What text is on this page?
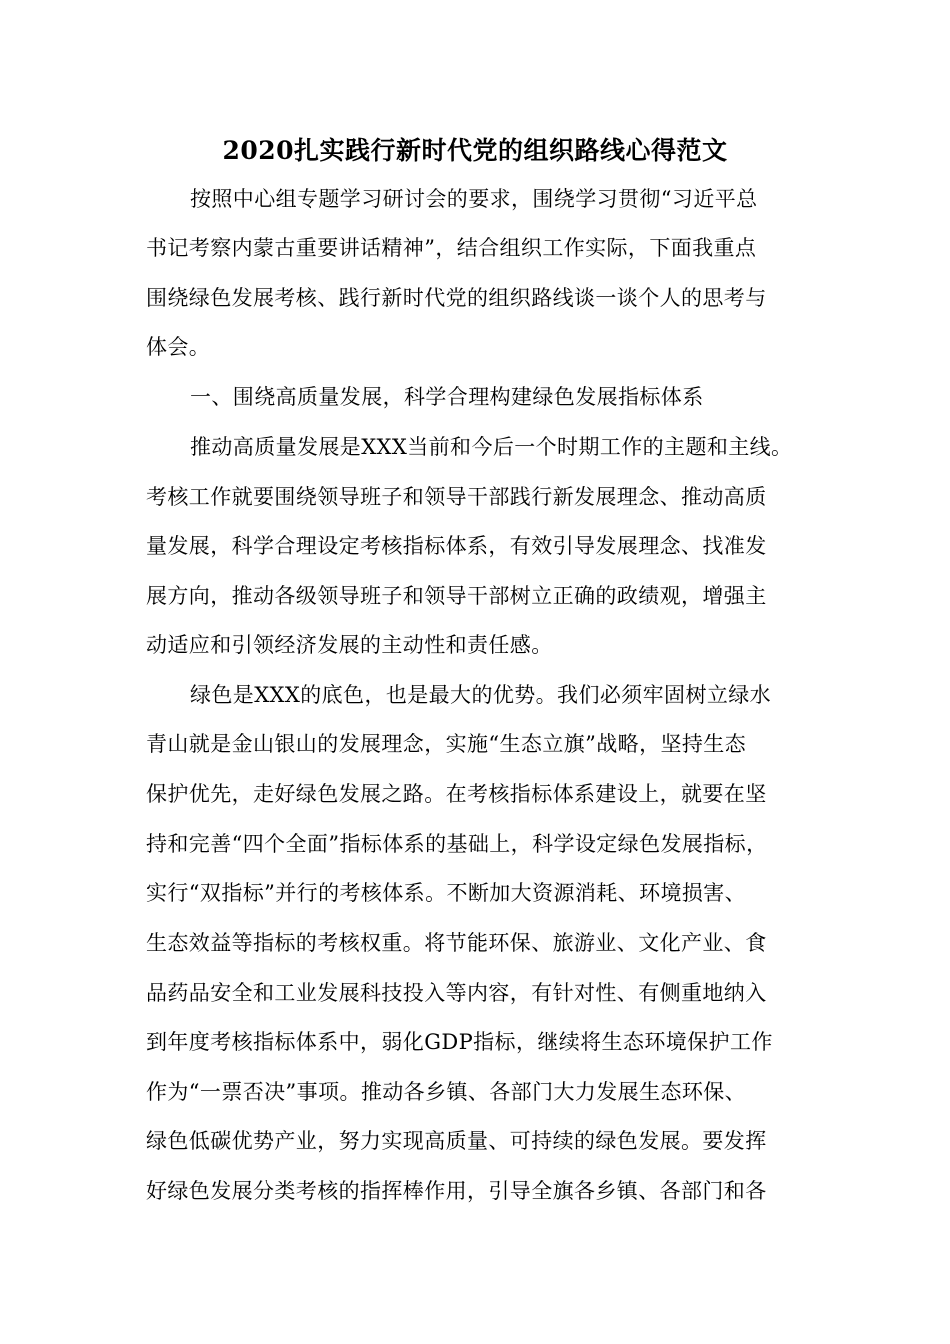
2020扎实践行新时代党的组织路线心得范文

按照中心组专题学习研讨会的要求，围绕学习贯彻“习近平总

书记考察内蒙古重要讲话精神”，结合组织工作实际，下面我重点

围绕绿色发展考核、践行新时代党的组织路线谈一谈个人的思考与

体会。

一、围绕高质量发展，科学合理构建绿色发展指标体系

推动高质量发展是XXX当前和今后一个时期工作的主题和主线。

考核工作就要围绕领导班子和领导干部践行新发展理念、推动高质

量发展，科学合理设定考核指标体系，有效引导发展理念、找准发

展方向，推动各级领导班子和领导干部树立正确的政绩观，增强主

动适应和引领经济发展的主动性和责任感。

绿色是XXX的底色，也是最大的优势。我们必须牢固树立绿水

青山就是金山银山的发展理念，实施“生态立旗”战略，坚持生态

保护优先，走好绿色发展之路。在考核指标体系建设上，就要在坚

持和完善“四个全面”指标体系的基础上，科学设定绿色发展指标，

实行“双指标”并行的考核体系。不断加大资源消耗、环境损害、

生态效益等指标的考核权重。将节能环保、旅游业、文化产业、食

品药品安全和工业发展科技投入等内容，有针对性、有侧重地纳入

到年度考核指标体系中，弱化GDP指标，继续将生态环境保护工作

作为“一票否决”事项。推动各乡镇、各部门大力发展生态环保、

绿色低碳优势产业，努力实现高质量、可持续的绿色发展。要发挥

好绿色发展分类考核的指挥棒作用，引导全旗各乡镇、各部门和各
